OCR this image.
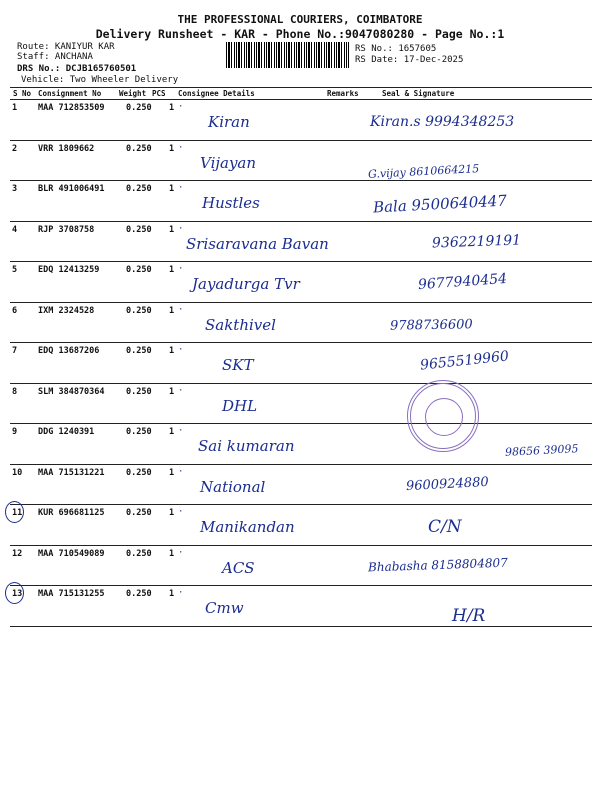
THE PROFESSIONAL COURIERS, COIMBATORE
Delivery Runsheet - KAR - Phone No.:9047080280 - Page No.:1
Route: KANIYUR KAR
Staff: ANCHANA
DRS No.: DCJB165760501
Vehicle: Two Wheeler Delivery
RS No.: 1657605
RS Date: 17-Dec-2025
S No Consignment No Weight PCS Consignee Details	Remarks	Seal & Signature
1 MAA 712853509	0.250 1 ·
Kiran	Kiran.s 9994348253
2 VRR 1809662	0.250 1 ·
Vijayan	G.vijay 8610664215
3 BLR 491006491	0.250 1 ·
Hustles	Bala 9500640447
4 RJP 3708758	0.250 1 ·
Srisaravana Bavan	9362219191
5 EDQ 12413259	0.250 1 ·
Jayadurga Tvr	9677940454
6 IXM 2324528	0.250 1 ·
Sakthivel	9788736600
7 EDQ 13687206	0.250 1 ·
SKT	9655519960
8 SLM 384870364	0.250 1 ·
DHL
9 DDG 1240391	0.250 1 ·
Sai kumaran	98656 39095
10 MAA 715131221	0.250 1 ·
National	9600924880
11 KUR 696681125	0.250 1 ·
Manikandan	C/N
12 MAA 710549089	0.250 1 ·
ACS	Bhabasha 8158804807
13 MAA 715131255	0.250 1 ·
Cmw	H/R
